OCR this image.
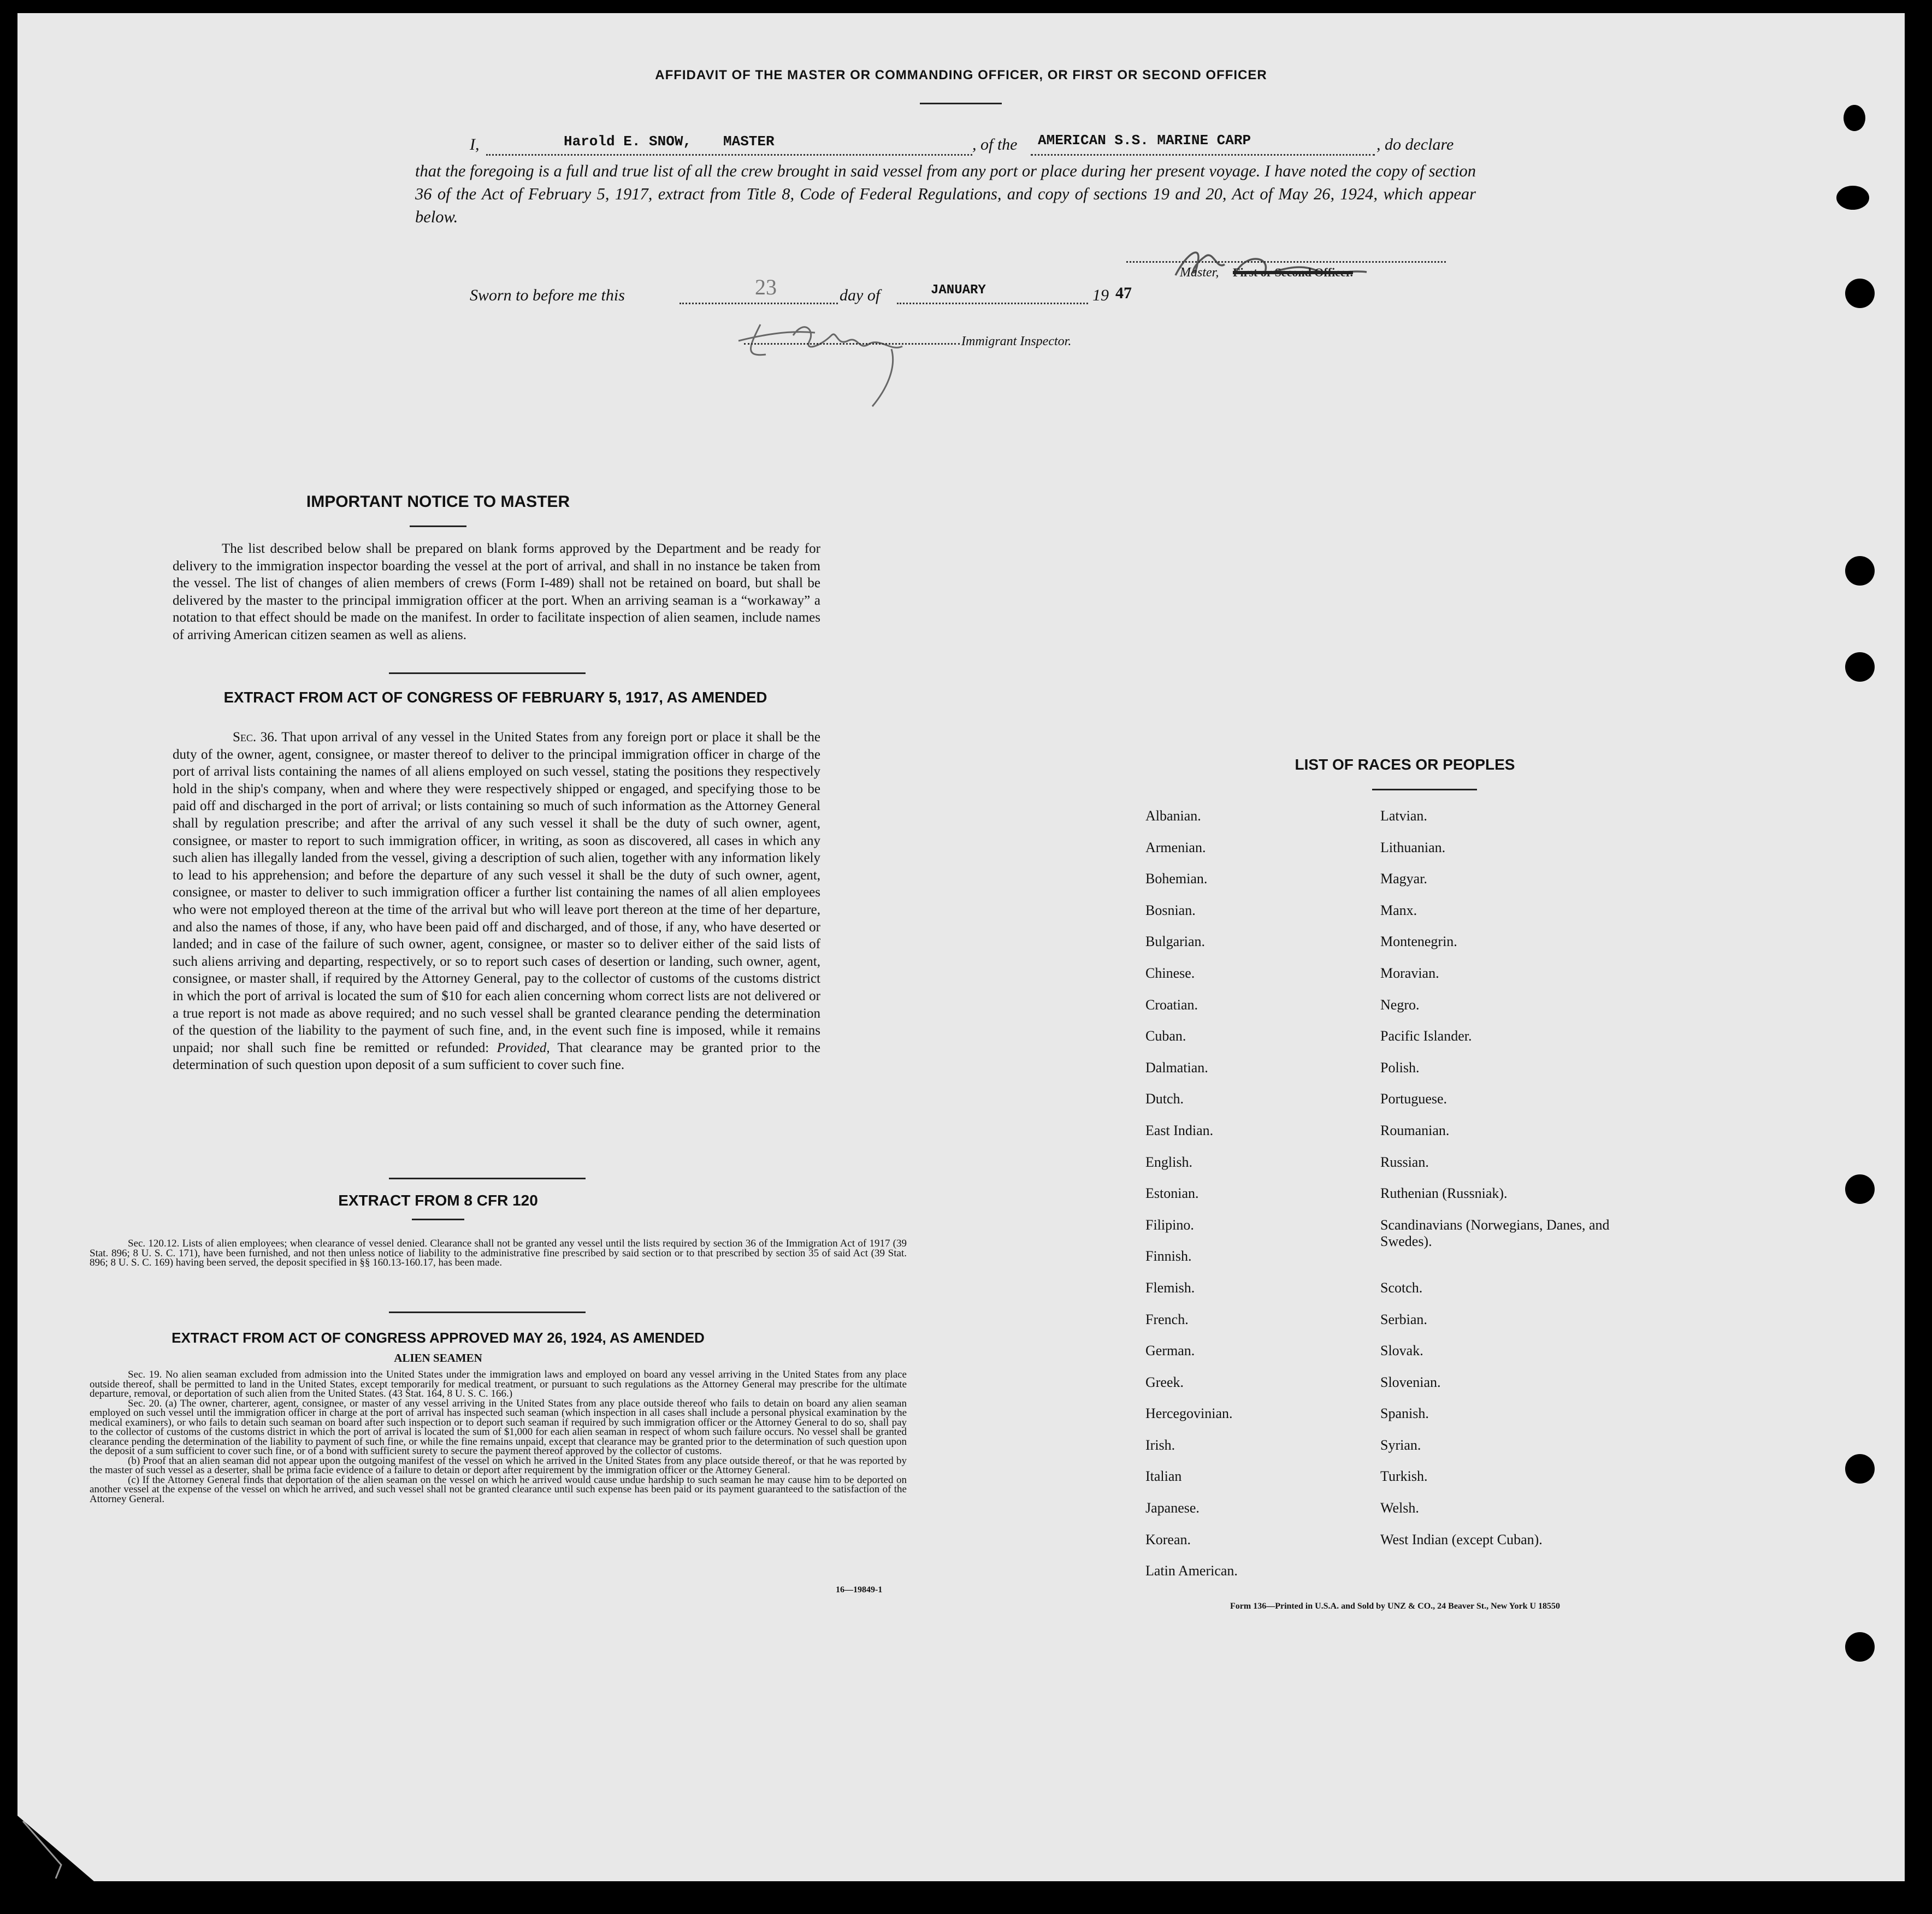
AFFIDAVIT OF THE MASTER OR COMMANDING OFFICER, OR FIRST OR SECOND OFFICER
I,	Harold E. SNOW, MASTER	, of the AMERICAN S.S. MARINE CARP	, do declare

that the foregoing is a full and true list of all the crew brought in said vessel from any port or place during her present voyage. I have noted the copy of section 36 of the Act of February 5, 1917, extract from Title 8, Code of Federal Regulations, and copy of sections 19 and 20, Act of May 26, 1924, which appear below.

Master, First or Second Officer.
Sworn to before me this	23	day of	JANUARY	19 47
Immigrant Inspector.
IMPORTANT NOTICE TO MASTER

The list described below shall be prepared on blank forms approved by the Department and be ready for delivery to the immigration inspector boarding the vessel at the port of arrival, and shall in no instance be taken from the vessel. The list of changes of alien members of crews (Form I-489) shall not be retained on board, but shall be delivered by the master to the principal immigration officer at the port. When an arriving seaman is a “workaway” a notation to that effect should be made on the manifest. In order to facilitate inspection of alien seamen, include names of arriving American citizen seamen as well as aliens.

EXTRACT FROM ACT OF CONGRESS OF FEBRUARY 5, 1917, AS AMENDED

Sec. 36. That upon arrival of any vessel in the United States from any foreign port or place it shall be the duty of the owner, agent, consignee, or master thereof to deliver to the principal immigration officer in charge of the port of arrival lists containing the names of all aliens employed on such vessel, stating the positions they respectively hold in the ship's company, when and where they were respectively shipped or engaged, and specifying those to be paid off and discharged in the port of arrival; or lists containing so much of such information as the Attorney General shall by regulation prescribe; and after the arrival of any such vessel it shall be the duty of such owner, agent, consignee, or master to report to such immigration officer, in writing, as soon as discovered, all cases in which any such alien has illegally landed from the vessel, giving a description of such alien, together with any information likely to lead to his apprehension; and before the departure of any such vessel it shall be the duty of such owner, agent, consignee, or master to deliver to such immigration officer a further list containing the names of all alien employees who were not employed thereon at the time of the arrival but who will leave port thereon at the time of her departure, and also the names of those, if any, who have been paid off and discharged, and of those, if any, who have deserted or landed; and in case of the failure of such owner, agent, consignee, or master so to deliver either of the said lists of such aliens arriving and departing, respectively, or so to report such cases of desertion or landing, such owner, agent, consignee, or master shall, if required by the Attorney General, pay to the collector of customs of the customs district in which the port of arrival is located the sum of $10 for each alien concerning whom correct lists are not delivered or a true report is not made as above required; and no such vessel shall be granted clearance pending the determination of the question of the liability to the payment of such fine, and, in the event such fine is imposed, while it remains unpaid; nor shall such fine be remitted or refunded: Provided, That clearance may be granted prior to the determination of such question upon deposit of a sum sufficient to cover such fine.

EXTRACT FROM 8 CFR 120

Sec. 120.12. Lists of alien employees; when clearance of vessel denied. Clearance shall not be granted any vessel until the lists required by section 36 of the Immigration Act of 1917 (39 Stat. 896; 8 U. S. C. 171), have been furnished, and not then unless notice of liability to the administrative fine prescribed by said section or to that prescribed by section 35 of said Act (39 Stat. 896; 8 U. S. C. 169) having been served, the deposit specified in §§ 160.13-160.17, has been made.

EXTRACT FROM ACT OF CONGRESS APPROVED MAY 26, 1924, AS AMENDED
ALIEN SEAMEN

Sec. 19. No alien seaman excluded from admission into the United States under the immigration laws and employed on board any vessel arriving in the United States from any place outside thereof, shall be permitted to land in the United States, except temporarily for medical treatment, or pursuant to such regulations as the Attorney General may prescribe for the ultimate departure, removal, or deportation of such alien from the United States. (43 Stat. 164, 8 U. S. C. 166.)

Sec. 20. (a) The owner, charterer, agent, consignee, or master of any vessel arriving in the United States from any place outside thereof who fails to detain on board any alien seaman employed on such vessel until the immigration officer in charge at the port of arrival has inspected such seaman (which inspection in all cases shall include a personal physical examination by the medical examiners), or who fails to detain such seaman on board after such inspection or to deport such seaman if required by such immigration officer or the Attorney General to do so, shall pay to the collector of customs of the customs district in which the port of arrival is located the sum of $1,000 for each alien seaman in respect of whom such failure occurs. No vessel shall be granted clearance pending the determination of the liability to payment of such fine, or while the fine remains unpaid, except that clearance may be granted prior to the determination of such question upon the deposit of a sum sufficient to cover such fine, or of a bond with sufficient surety to secure the payment thereof approved by the collector of customs.

(b) Proof that an alien seaman did not appear upon the outgoing manifest of the vessel on which he arrived in the United States from any place outside thereof, or that he was reported by the master of such vessel as a deserter, shall be prima facie evidence of a failure to detain or deport after requirement by the immigration officer or the Attorney General.

(c) If the Attorney General finds that deportation of the alien seaman on the vessel on which he arrived would cause undue hardship to such seaman he may cause him to be deported on another vessel at the expense of the vessel on which he arrived, and such vessel shall not be granted clearance until such expense has been paid or its payment guaranteed to the satisfaction of the Attorney General.

16—19849-1
LIST OF RACES OR PEOPLES
Albanian.	Latvian.
Armenian.	Lithuanian.
Bohemian.	Magyar.
Bosnian.	Manx.
Bulgarian.	Montenegrin.
Chinese.	Moravian.
Croatian.	Negro.
Cuban.	Pacific Islander.
Dalmatian.	Polish.
Dutch.	Portuguese.
East Indian.	Roumanian.
English.	Russian.
Estonian.	Ruthenian (Russniak).
Filipino.	Scandinavians (Norwegians, Danes, and Swedes).
Finnish.
Flemish.	Scotch.
French.	Serbian.
German.	Slovak.
Greek.	Slovenian.
Hercegovinian.	Spanish.
Irish.	Syrian.
Italian	Turkish.
Japanese.	Welsh.
Korean.	West Indian (except Cuban).
Latin American.
Form 136—Printed in U.S.A. and Sold by UNZ & CO., 24 Beaver St., New York U 18550
